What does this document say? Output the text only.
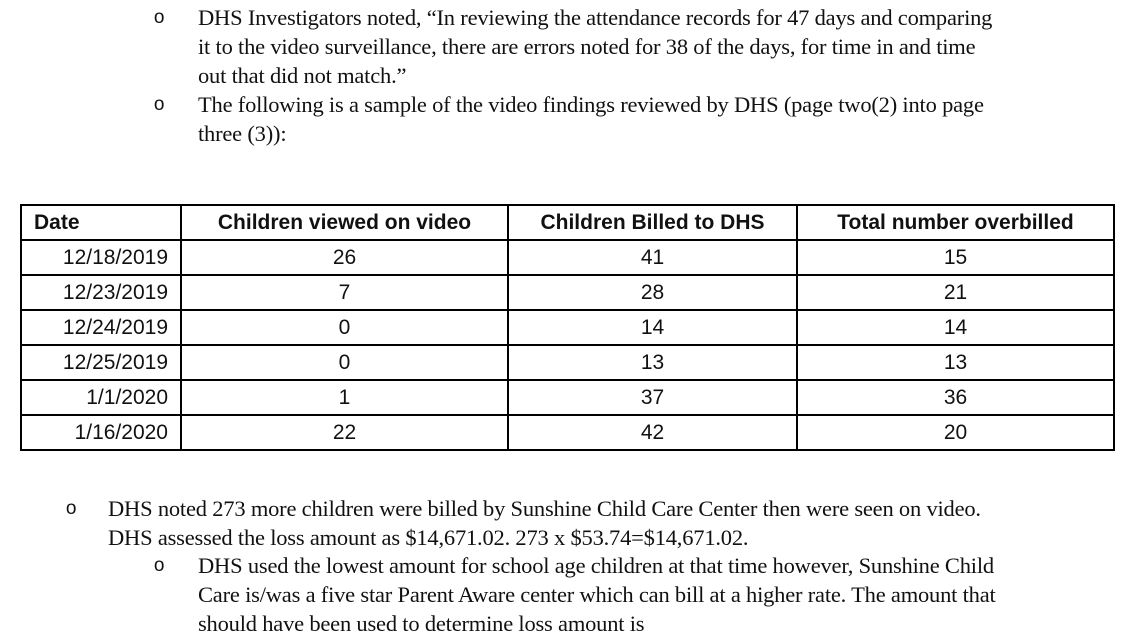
o DHS Investigators noted, “In reviewing the attendance records for 47 days and comparing
it to the video surveillance, there are errors noted for 38 of the days, for time in and time
out that did not match.”
o The following is a sample of the video findings reviewed by DHS (page two(2) into page
three (3)):
Date	Children viewed on video	Children Billed to DHS	Total number overbilled
12/18/2019	26	41	15
12/23/2019	7	28	21
12/24/2019	0	14	14
12/25/2019	0	13	13
1/1/2020	1	37	36
1/16/2020	22	42	20
o DHS noted 273 more children were billed by Sunshine Child Care Center then were seen on video.
DHS assessed the loss amount as $14,671.02. 273 x $53.74=$14,671.02.
o DHS used the lowest amount for school age children at that time however, Sunshine Child
Care is/was a five star Parent Aware center which can bill at a higher rate. The amount that
should have been used to determine loss amount is
